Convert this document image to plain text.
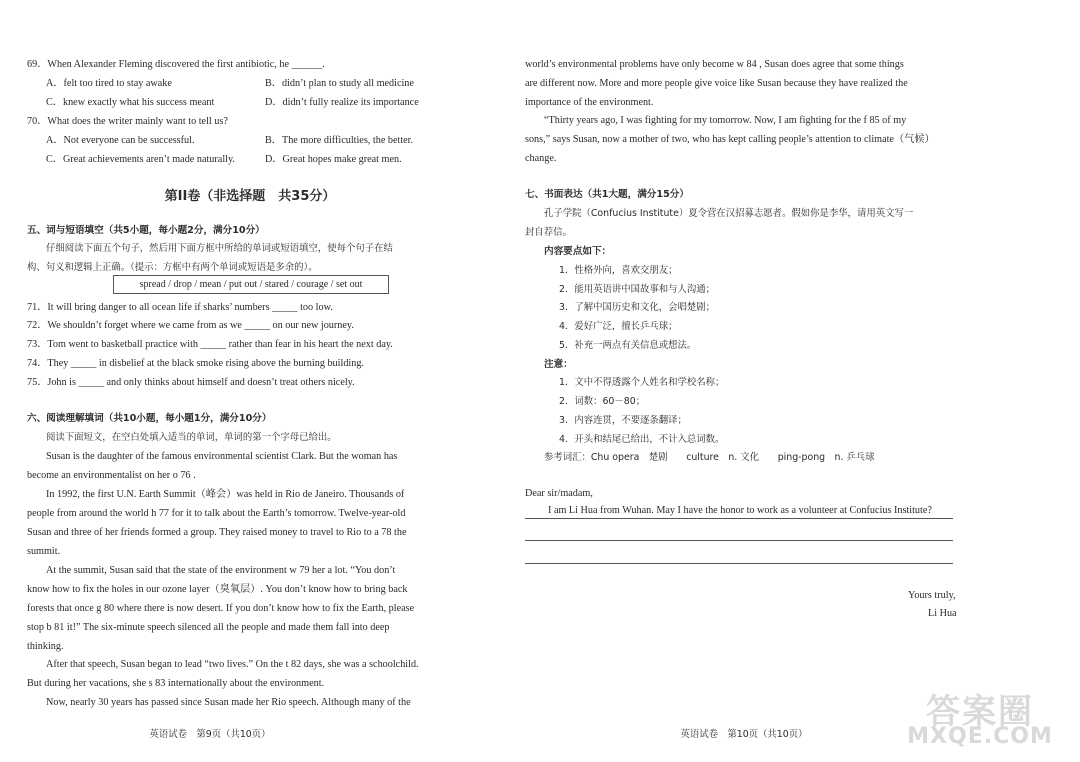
69．When Alexander Fleming discovered the first antibiotic, he ______.
A．felt too tired to stay awake	B．didn’t plan to study all medicine
C．knew exactly what his success meant	D．didn’t fully realize its importance
70．What does the writer mainly want to tell us?
A．Not everyone can be successful.	B．The more difficulties, the better.
C．Great achievements aren’t made naturally.	D．Great hopes make great men.
第II卷（非选择题　共35分）
五、词与短语填空（共5小题，每小题2分，满分10分）
仔细阅读下面五个句子，然后用下面方框中所给的单词或短语填空，使每个句子在结
构、句义和逻辑上正确。（提示：方框中有两个单词或短语是多余的）。
spread / drop / mean / put out / stared / courage / set out
71．It will bring danger to all ocean life if sharks’ numbers _____ too low.
72．We shouldn’t forget where we came from as we _____ on our new journey.
73．Tom went to basketball practice with _____ rather than fear in his heart the next day.
74．They _____ in disbelief at the black smoke rising above the burning building.
75．John is _____ and only thinks about himself and doesn’t treat others nicely.
六、阅读理解填词（共10小题，每小题1分，满分10分）
阅读下面短文，在空白处填入适当的单词，单词的第一个字母已给出。
Susan is the daughter of the famous environmental scientist Clark. But the woman has
become an environmentalist on her o 76 .
In 1992, the first U.N. Earth Summit（峰会）was held in Rio de Janeiro. Thousands of
people from around the world h 77 for it to talk about the Earth’s tomorrow. Twelve-year-old
Susan and three of her friends formed a group. They raised money to travel to Rio to a 78 the
summit.
At the summit, Susan said that the state of the environment w 79 her a lot. “You don’t
know how to fix the holes in our ozone layer（臭氧层）. You don’t know how to bring back
forests that once g 80 where there is now desert. If you don’t know how to fix the Earth, please
stop b 81 it!” The six-minute speech silenced all the people and made them fall into deep
thinking.
After that speech, Susan began to lead “two lives.” On the t 82 days, she was a schoolchild.
But during her vacations, she s 83 internationally about the environment.
Now, nearly 30 years has passed since Susan made her Rio speech. Although many of the
英语试卷　第9页（共10页）
world’s environmental problems have only become w 84 , Susan does agree that some things
are different now. More and more people give voice like Susan because they have realized the
importance of the environment.
“Thirty years ago, I was fighting for my tomorrow. Now, I am fighting for the f 85 of my
sons,” says Susan, now a mother of two, who has kept calling people’s attention to climate（气候）
change.
七、书面表达（共1大题，满分15分）
孔子学院（Confucius Institute）夏令营在汉招募志愿者。假如你是李华，请用英文写一
封自荐信。
内容要点如下：
1．性格外向，喜欢交朋友；
2．能用英语讲中国故事和与人沟通；
3．了解中国历史和文化，会唱楚剧；
4．爱好广泛，擅长乒乓球；
5．补充一两点有关信息或想法。
注意：
1．文中不得透露个人姓名和学校名称；
2．词数：60－80；
3．内容连贯，不要逐条翻译；
4．开头和结尾已给出，不计入总词数。
参考词汇：Chu opera　楚剧　　culture　n. 文化　　ping-pong　n. 乒乓球
Dear sir/madam,
I am Li Hua from Wuhan. May I have the honor to work as a volunteer at Confucius Institute?
Yours truly,
Li Hua
英语试卷　第10页（共10页）
答案圈
MXQE.COM
